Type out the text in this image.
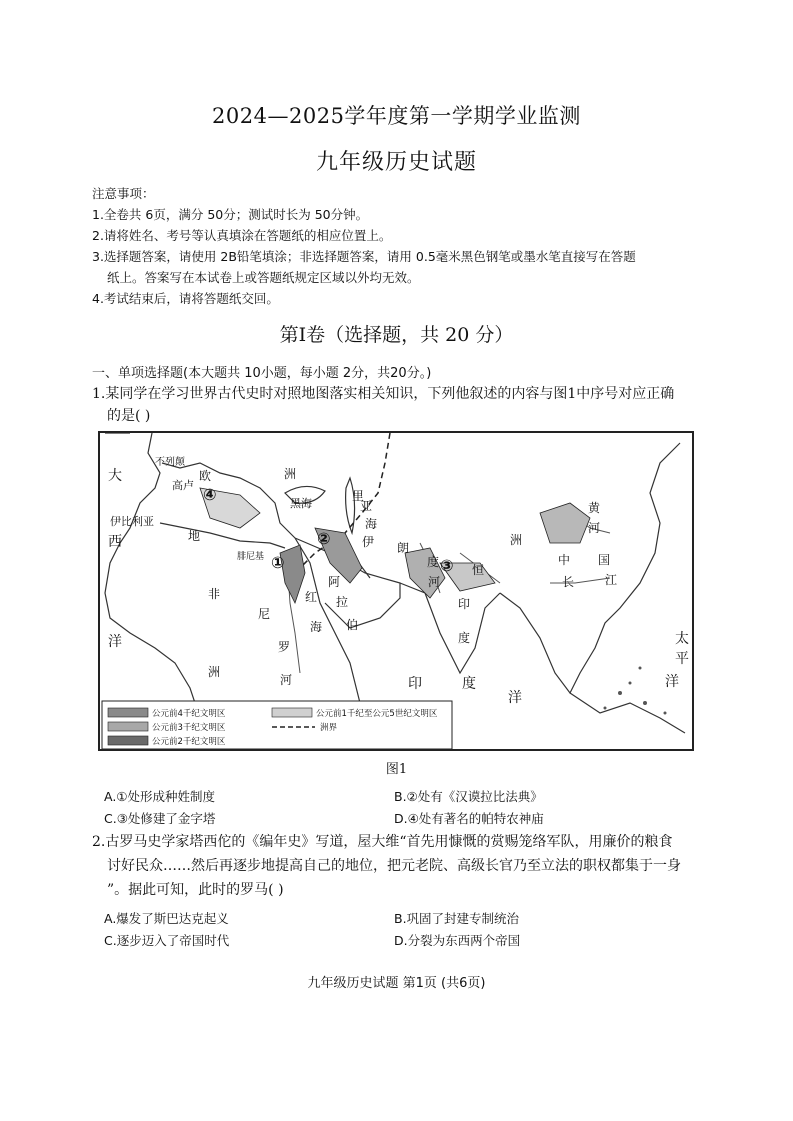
2024—2025学年度第一学期学业监测
九年级历史试题
注意事项：
1.全卷共 6页，满分 50分；测试时长为 50分钟。
2.请将姓名、考号等认真填涂在答题纸的相应位置上。
3.选择题答案，请使用 2B铅笔填涂；非选择题答案，请用 0.5毫米黑色钢笔或墨水笔直接写在答题
纸上。答案写在本试卷上或答题纸规定区域以外均无效。
4.考试结束后，请将答题纸交回。
第Ⅰ卷（选择题，共 20 分）
一、单项选择题(本大题共 10小题，每小题 2分，共20分。)
1.某同学在学习世界古代史时对照地图落实相关知识，下列他叙述的内容与图1中序号对应正确
的是( )
大
西
洋
不列颠
欧
高卢
洲
伊比利亚
地
黑海
腓尼基
非
洲
尼
罗
河
红
海
阿
拉
伯
伊 朗
亚
里
海
度
河
恒
印
度
洲
黄
河
中 国
长	江
印	度
洋
太
平
洋
①
②
③
④
公元前4千纪文明区
公元前3千纪文明区
公元前2千纪文明区
公元前1千纪至公元5世纪文明区
洲界
图1
A.①处形成种姓制度	B.②处有《汉谟拉比法典》
C.③处修建了金字塔	D.④处有著名的帕特农神庙
2.古罗马史学家塔西佗的《编年史》写道，屋大维“首先用慷慨的赏赐笼络军队，用廉价的粮食
讨好民众……然后再逐步地提高自己的地位，把元老院、高级长官乃至立法的职权都集于一身
”。据此可知，此时的罗马( )
A.爆发了斯巴达克起义	B.巩固了封建专制统治
C.逐步迈入了帝国时代	D.分裂为东西两个帝国
九年级历史试题 第1页 (共6页)
